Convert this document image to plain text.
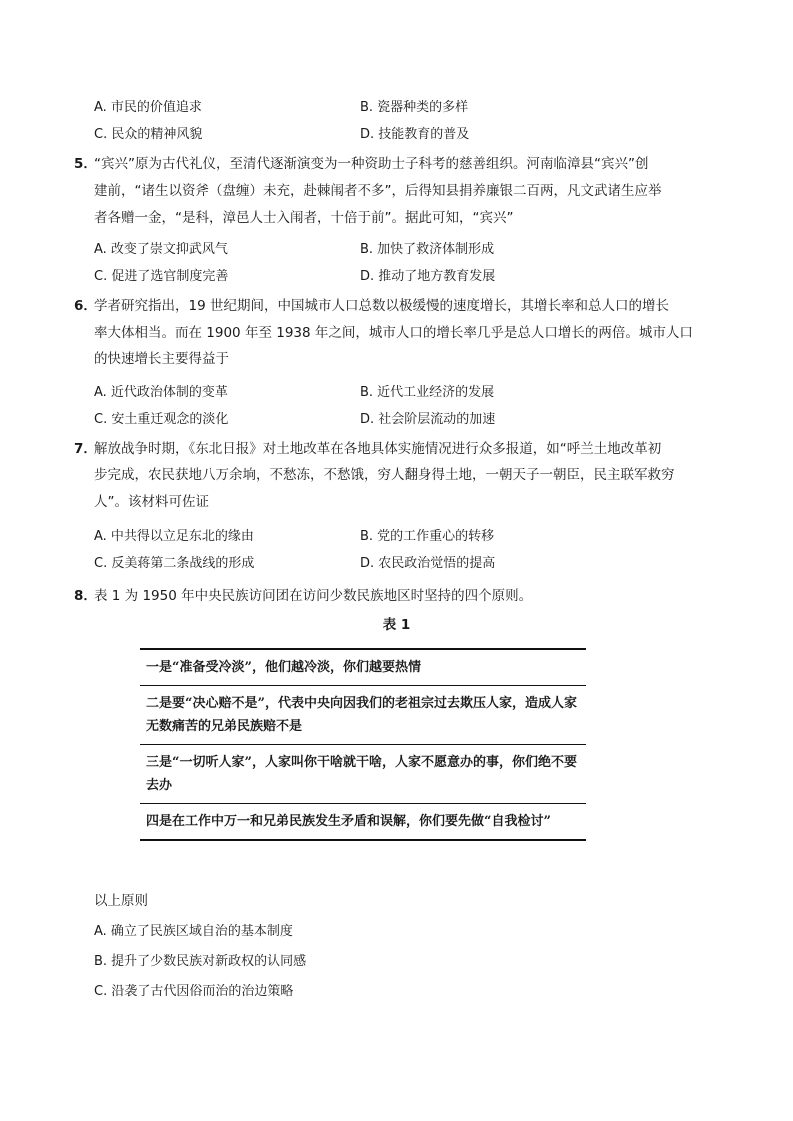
A. 市民的价值追求	B. 瓷器种类的多样
C. 民众的精神风貌	D. 技能教育的普及
5．
“宾兴”原为古代礼仪，至清代逐渐演变为一种资助士子科考的慈善组织。河南临漳县“宾兴”创
建前，“诸生以资斧（盘缠）未充，赴棘闱者不多”，后得知县捐养廉银二百两，凡文武诸生应举
者各赠一金，“是科，漳邑人士入闱者，十倍于前”。据此可知，“宾兴”
A. 改变了崇文抑武风气	B. 加快了救济体制形成
C. 促进了选官制度完善	D. 推动了地方教育发展
6．
学者研究指出，19 世纪期间，中国城市人口总数以极缓慢的速度增长，其增长率和总人口的增长
率大体相当。而在 1900 年至 1938 年之间，城市人口的增长率几乎是总人口增长的两倍。城市人口
的快速增长主要得益于
A. 近代政治体制的变革	B. 近代工业经济的发展
C. 安土重迁观念的淡化	D. 社会阶层流动的加速
7．
解放战争时期，《东北日报》对土地改革在各地具体实施情况进行众多报道，如“呼兰土地改革初
步完成，农民获地八万余垧，不愁冻，不愁饿，穷人翻身得土地，一朝天子一朝臣，民主联军救穷
人”。该材料可佐证
A. 中共得以立足东北的缘由	B. 党的工作重心的转移
C. 反美蒋第二条战线的形成	D. 农民政治觉悟的提高
8．
表 1 为 1950 年中央民族访问团在访问少数民族地区时坚持的四个原则。
表 1
一是“准备受冷淡”，他们越冷淡，你们越要热情
二是要“决心赔不是”，代表中央向因我们的老祖宗过去欺压人家，造成人家
无数痛苦的兄弟民族赔不是
三是“一切听人家”，人家叫你干啥就干啥，人家不愿意办的事，你们绝不要
去办
四是在工作中万一和兄弟民族发生矛盾和误解，你们要先做“自我检讨”
以上原则
A. 确立了民族区域自治的基本制度
B. 提升了少数民族对新政权的认同感
C. 沿袭了古代因俗而治的治边策略
